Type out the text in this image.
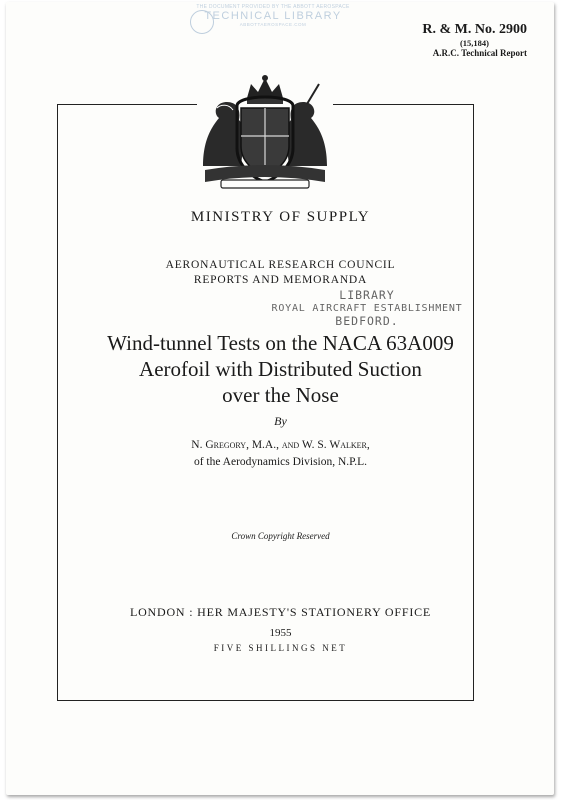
THE DOCUMENT PROVIDED BY THE ABBOTT AEROSPACE
TECHNICAL LIBRARY
ABBOTTAEROSPACE.COM	R. & M. No. 2900
(15,184)
A.R.C. Technical Report
MINISTRY OF SUPPLY
AERONAUTICAL RESEARCH COUNCIL
REPORTS AND MEMORANDA
LIBRARY
ROYAL AIRCRAFT ESTABLISHMENT
BEDFORD.
Wind-tunnel Tests on the NACA 63A009
Aerofoil with Distributed Suction
over the Nose
By
N. Gregory, M.A., and W. S. Walker,
of the Aerodynamics Division, N.P.L.
Crown Copyright Reserved
LONDON : HER MAJESTY'S STATIONERY OFFICE
1955
FIVE SHILLINGS NET
